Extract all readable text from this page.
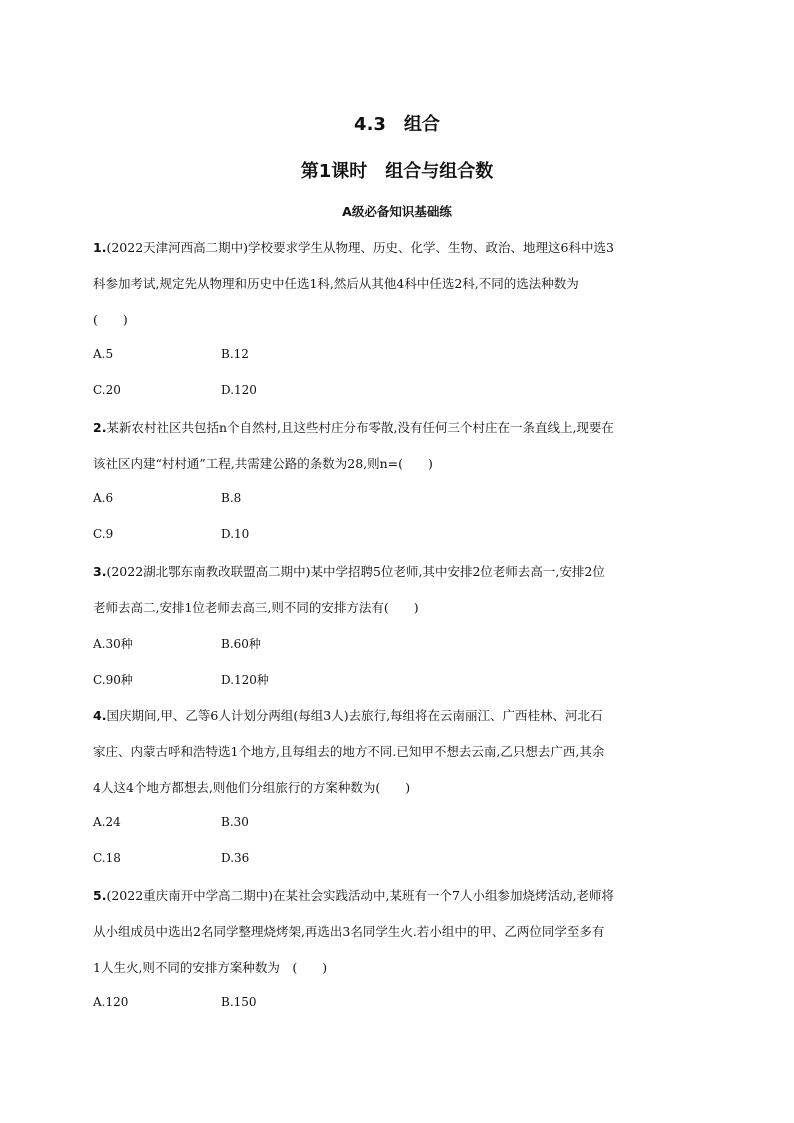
4.3　组合
第1课时　组合与组合数
A级必备知识基础练
1.(2022天津河西高二期中)学校要求学生从物理、历史、化学、生物、政治、地理这6科中选3
科参加考试,规定先从物理和历史中任选1科,然后从其他4科中任选2科,不同的选法种数为
(　　)
A.5	B.12
C.20	D.120
2.某新农村社区共包括n个自然村,且这些村庄分布零散,没有任何三个村庄在一条直线上,现要在
该社区内建“村村通”工程,共需建公路的条数为28,则n=(　　)
A.6	B.8
C.9	D.10
3.(2022湖北鄂东南教改联盟高二期中)某中学招聘5位老师,其中安排2位老师去高一,安排2位
老师去高二,安排1位老师去高三,则不同的安排方法有(　　)
A.30种	B.60种
C.90种	D.120种
4.国庆期间,甲、乙等6人计划分两组(每组3人)去旅行,每组将在云南丽江、广西桂林、河北石
家庄、内蒙古呼和浩特选1个地方,且每组去的地方不同.已知甲不想去云南,乙只想去广西,其余
4人这4个地方都想去,则他们分组旅行的方案种数为(　　)
A.24	B.30
C.18	D.36
5.(2022重庆南开中学高二期中)在某社会实践活动中,某班有一个7人小组参加烧烤活动,老师将
从小组成员中选出2名同学整理烧烤架,再选出3名同学生火.若小组中的甲、乙两位同学至多有
1人生火,则不同的安排方案种数为　(　　)
A.120	B.150
